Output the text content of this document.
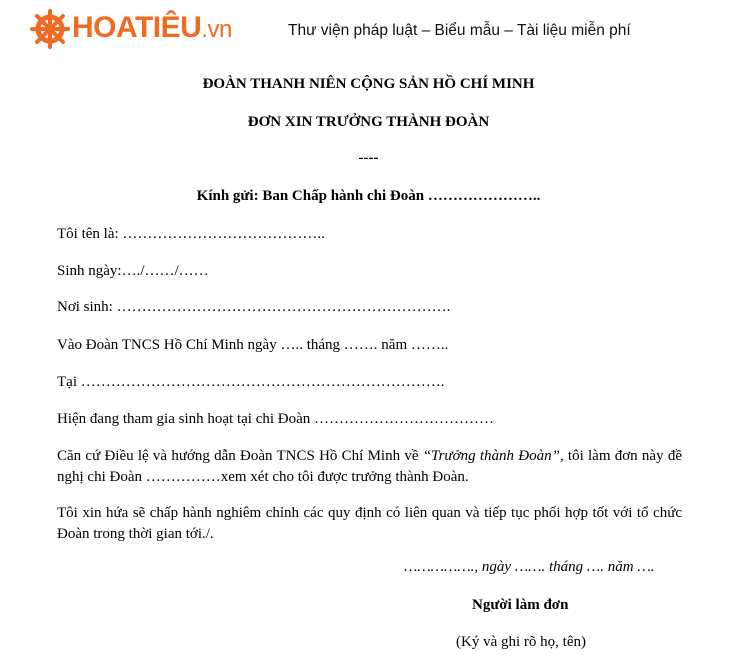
HOATIÊU.vn	Thư viện pháp luật – Biểu mẫu – Tài liệu miễn phí
ĐOÀN THANH NIÊN CỘNG SẢN HỒ CHÍ MINH
ĐƠN XIN TRƯỞNG THÀNH ĐOÀN
----
Kính gửi: Ban Chấp hành chi Đoàn …………………..
Tôi tên là: …………………………………..
Sinh ngày:…./……/……
Nơi sinh: ………………………………………………………….
Vào Đoàn TNCS Hồ Chí Minh ngày ….. tháng ……. năm ……..
Tại ……………………………………………………………….
Hiện đang tham gia sinh hoạt tại chi Đoàn ………………………………
Căn cứ Điều lệ và hướng dẫn Đoàn TNCS Hồ Chí Minh về “Trưởng thành Đoàn”, tôi làm đơn này đề nghị chi Đoàn ……………xem xét cho tôi được trưởng thành Đoàn.
Tôi xin hứa sẽ chấp hành nghiêm chỉnh các quy định có liên quan và tiếp tục phối hợp tốt với tổ chức Đoàn trong thời gian tới./.
……………., ngày ……. tháng …. năm ….
Người làm đơn
(Ký và ghi rõ họ, tên)
